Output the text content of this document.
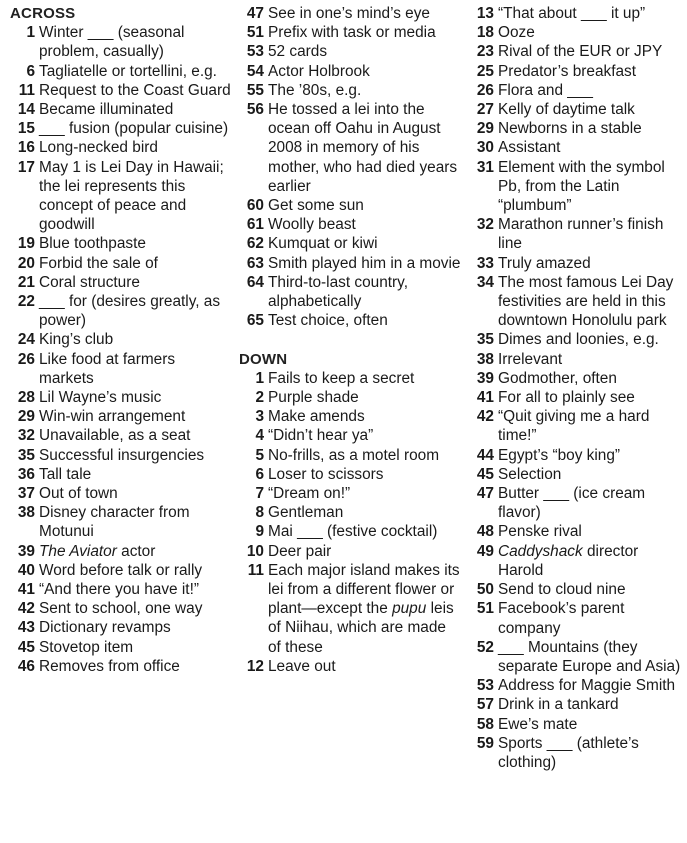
ACROSS
1 Winter ___ (seasonal problem, casually)
6 Tagliatelle or tortellini, e.g.
11 Request to the Coast Guard
14 Became illuminated
15 ___ fusion (popular cuisine)
16 Long-necked bird
17 May 1 is Lei Day in Hawaii; the lei represents this concept of peace and goodwill
19 Blue toothpaste
20 Forbid the sale of
21 Coral structure
22 ___ for (desires greatly, as power)
24 King’s club
26 Like food at farmers markets
28 Lil Wayne’s music
29 Win-win arrangement
32 Unavailable, as a seat
35 Successful insurgencies
36 Tall tale
37 Out of town
38 Disney character from Motunui
39 The Aviator actor
40 Word before talk or rally
41 “And there you have it!”
42 Sent to school, one way
43 Dictionary revamps
45 Stovetop item
46 Removes from office
47 See in one’s mind’s eye
51 Prefix with task or media
53 52 cards
54 Actor Holbrook
55 The ’80s, e.g.
56 He tossed a lei into the ocean off Oahu in August 2008 in memory of his mother, who had died years earlier
60 Get some sun
61 Woolly beast
62 Kumquat or kiwi
63 Smith played him in a movie
64 Third-to-last country, alphabetically
65 Test choice, often
DOWN
1 Fails to keep a secret
2 Purple shade
3 Make amends
4 “Didn’t hear ya”
5 No-frills, as a motel room
6 Loser to scissors
7 “Dream on!”
8 Gentleman
9 Mai ___ (festive cocktail)
10 Deer pair
11 Each major island makes its lei from a different flower or plant—except the pupu leis of Niihau, which are made of these
12 Leave out
13 “That about ___ it up”
18 Ooze
23 Rival of the EUR or JPY
25 Predator’s breakfast
26 Flora and ___
27 Kelly of daytime talk
29 Newborns in a stable
30 Assistant
31 Element with the symbol Pb, from the Latin “plumbum”
32 Marathon runner’s finish line
33 Truly amazed
34 The most famous Lei Day festivities are held in this downtown Honolulu park
35 Dimes and loonies, e.g.
38 Irrelevant
39 Godmother, often
41 For all to plainly see
42 “Quit giving me a hard time!”
44 Egypt’s “boy king”
45 Selection
47 Butter ___ (ice cream flavor)
48 Penske rival
49 Caddyshack director Harold
50 Send to cloud nine
51 Facebook’s parent company
52 ___ Mountains (they separate Europe and Asia)
53 Address for Maggie Smith
57 Drink in a tankard
58 Ewe’s mate
59 Sports ___ (athlete’s clothing)
